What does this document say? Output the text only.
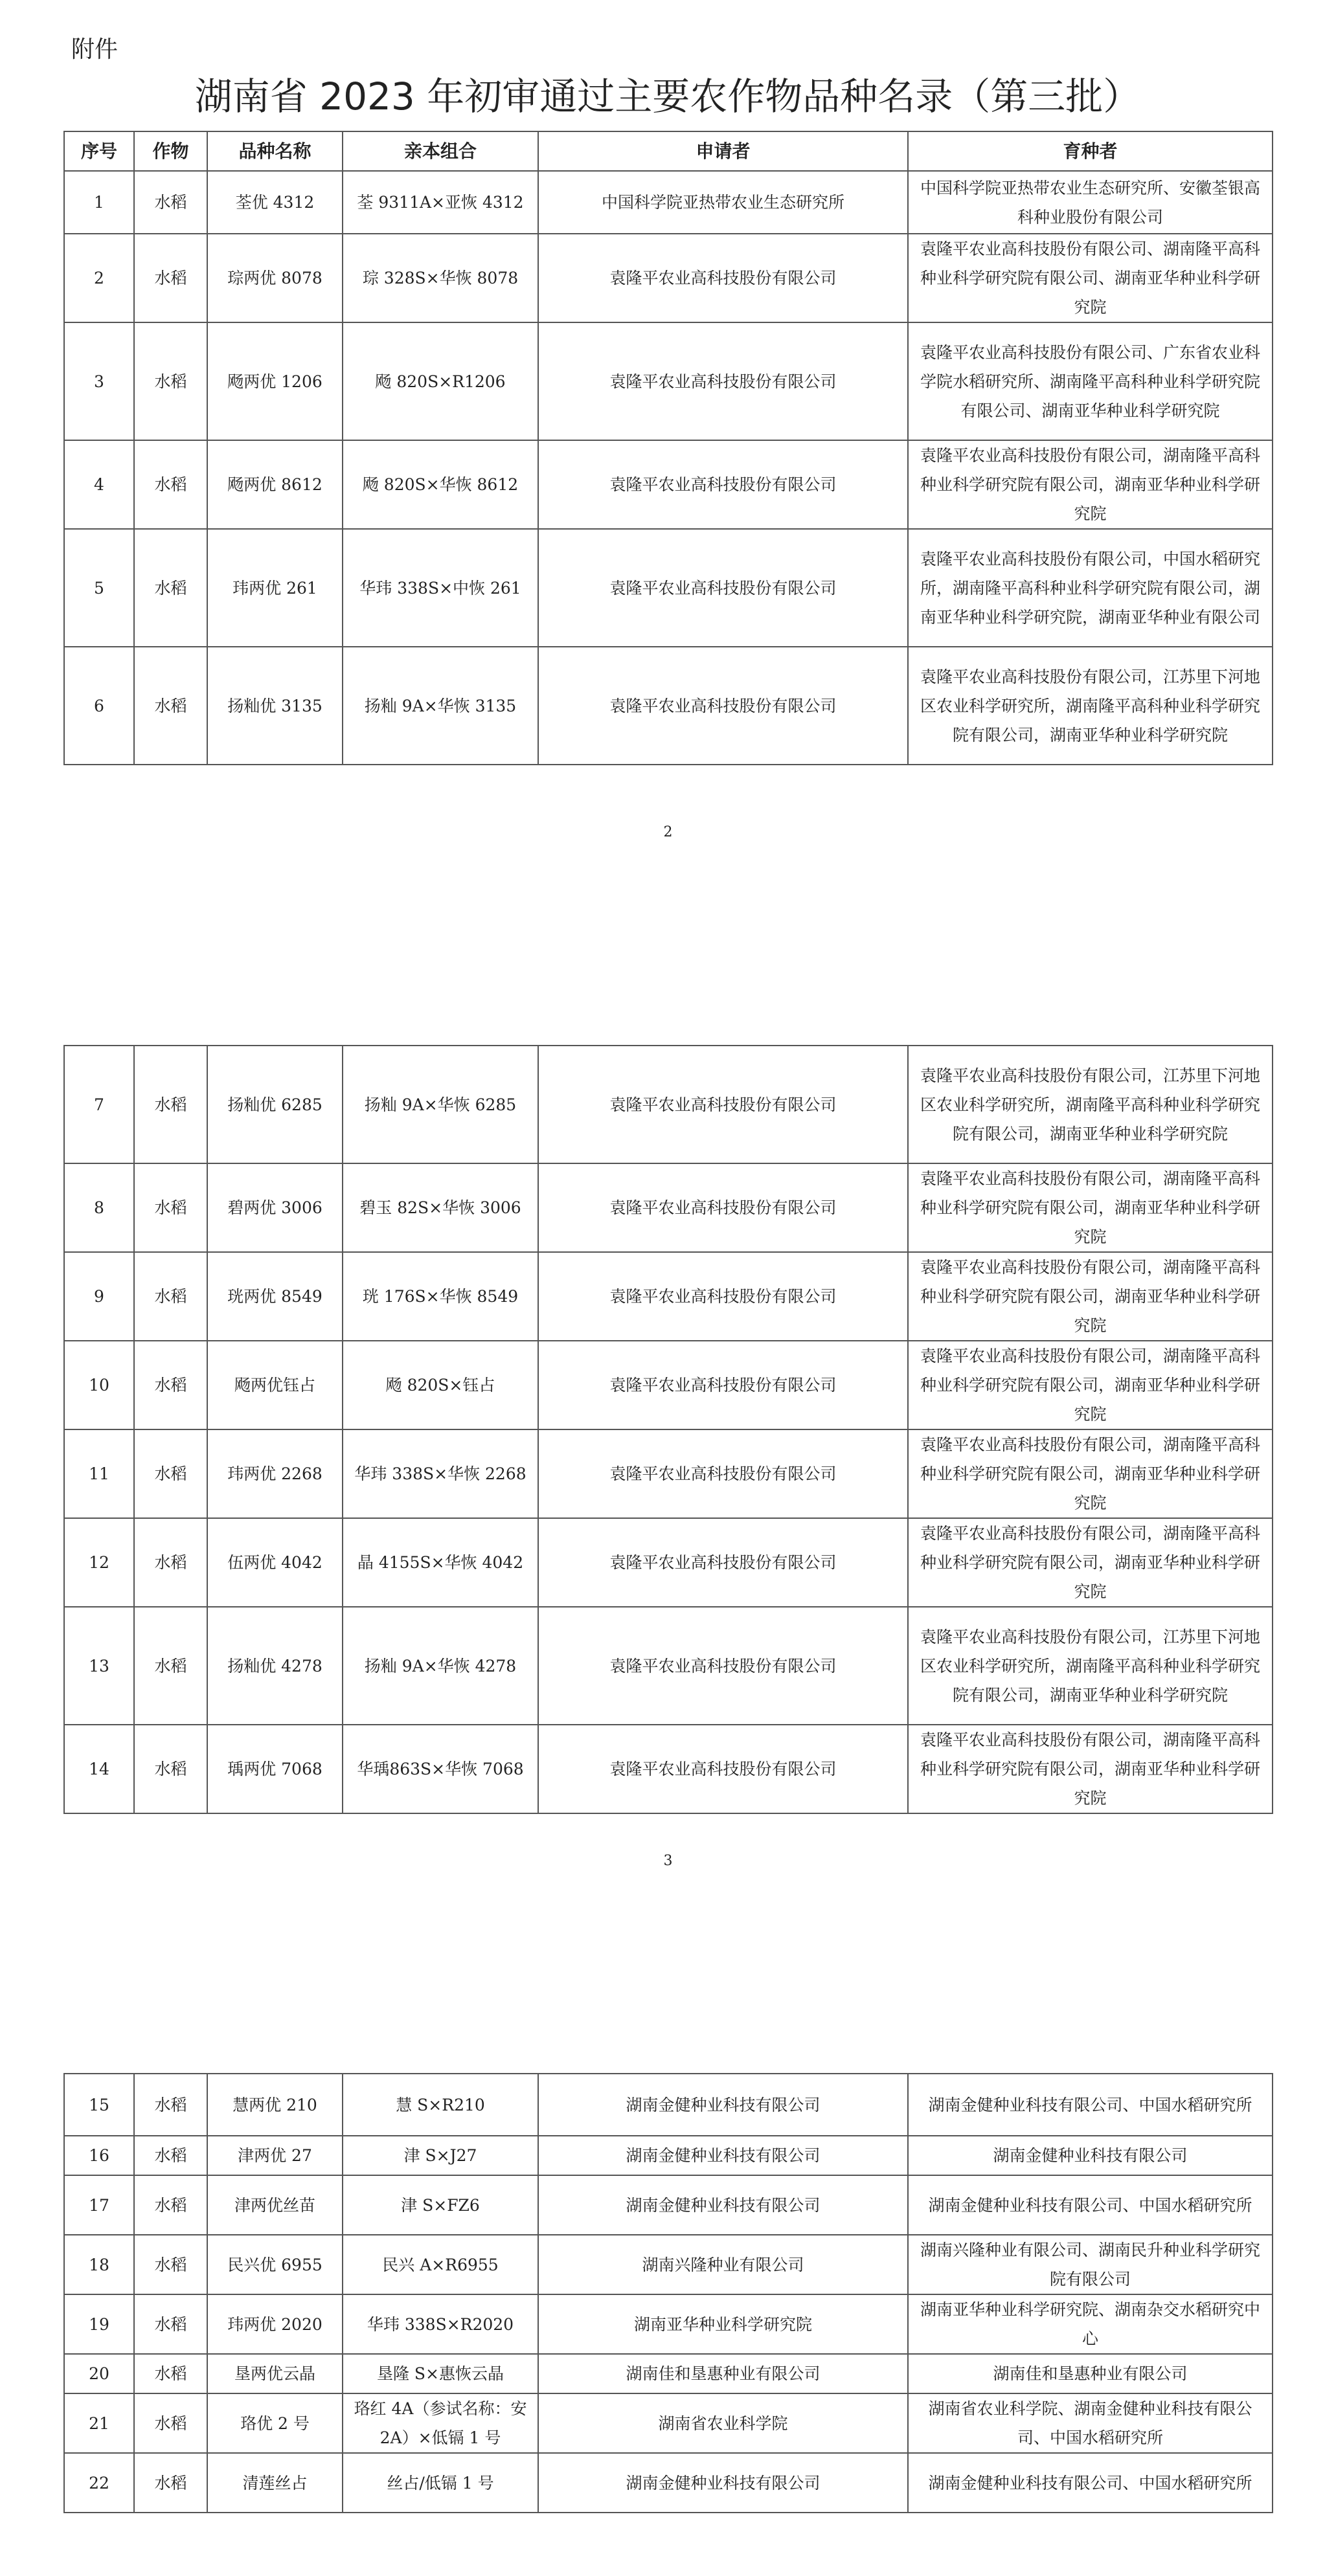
附件
湖南省 2023 年初审通过主要农作物品种名录（第三批）
序号	作物	品种名称	亲本组合	申请者	育种者
1	水稻	荃优 4312	荃 9311A×亚恢 4312	中国科学院亚热带农业生态研究所	中国科学院亚热带农业生态研究所、安徽荃银高科种业股份有限公司
2	水稻	琮两优 8078	琮 328S×华恢 8078	袁隆平农业高科技股份有限公司	袁隆平农业高科技股份有限公司、湖南隆平高科种业科学研究院有限公司、湖南亚华种业科学研究院
3	水稻	飏两优 1206	飏 820S×R1206	袁隆平农业高科技股份有限公司	袁隆平农业高科技股份有限公司、广东省农业科学院水稻研究所、湖南隆平高科种业科学研究院有限公司、湖南亚华种业科学研究院
4	水稻	飏两优 8612	飏 820S×华恢 8612	袁隆平农业高科技股份有限公司	袁隆平农业高科技股份有限公司，湖南隆平高科种业科学研究院有限公司，湖南亚华种业科学研究院
5	水稻	玮两优 261	华玮 338S×中恢 261	袁隆平农业高科技股份有限公司	袁隆平农业高科技股份有限公司，中国水稻研究所，湖南隆平高科种业科学研究院有限公司，湖南亚华种业科学研究院，湖南亚华种业有限公司
6	水稻	扬籼优 3135	扬籼 9A×华恢 3135	袁隆平农业高科技股份有限公司	袁隆平农业高科技股份有限公司，江苏里下河地区农业科学研究所，湖南隆平高科种业科学研究院有限公司，湖南亚华种业科学研究院
2
7	水稻	扬籼优 6285	扬籼 9A×华恢 6285	袁隆平农业高科技股份有限公司	袁隆平农业高科技股份有限公司，江苏里下河地区农业科学研究所，湖南隆平高科种业科学研究院有限公司，湖南亚华种业科学研究院
8	水稻	碧两优 3006	碧玉 82S×华恢 3006	袁隆平农业高科技股份有限公司	袁隆平农业高科技股份有限公司，湖南隆平高科种业科学研究院有限公司，湖南亚华种业科学研究院
9	水稻	珖两优 8549	珖 176S×华恢 8549	袁隆平农业高科技股份有限公司	袁隆平农业高科技股份有限公司，湖南隆平高科种业科学研究院有限公司，湖南亚华种业科学研究院
10	水稻	飏两优钰占	飏 820S×钰占	袁隆平农业高科技股份有限公司	袁隆平农业高科技股份有限公司，湖南隆平高科种业科学研究院有限公司，湖南亚华种业科学研究院
11	水稻	玮两优 2268	华玮 338S×华恢 2268	袁隆平农业高科技股份有限公司	袁隆平农业高科技股份有限公司，湖南隆平高科种业科学研究院有限公司，湖南亚华种业科学研究院
12	水稻	伍两优 4042	晶 4155S×华恢 4042	袁隆平农业高科技股份有限公司	袁隆平农业高科技股份有限公司，湖南隆平高科种业科学研究院有限公司，湖南亚华种业科学研究院
13	水稻	扬籼优 4278	扬籼 9A×华恢 4278	袁隆平农业高科技股份有限公司	袁隆平农业高科技股份有限公司，江苏里下河地区农业科学研究所，湖南隆平高科种业科学研究院有限公司，湖南亚华种业科学研究院
14	水稻	瑀两优 7068	华瑀863S×华恢 7068	袁隆平农业高科技股份有限公司	袁隆平农业高科技股份有限公司，湖南隆平高科种业科学研究院有限公司，湖南亚华种业科学研究院
3
15	水稻	慧两优 210	慧 S×R210	湖南金健种业科技有限公司	湖南金健种业科技有限公司、中国水稻研究所
16	水稻	津两优 27	津 S×J27	湖南金健种业科技有限公司	湖南金健种业科技有限公司
17	水稻	津两优丝苗	津 S×FZ6	湖南金健种业科技有限公司	湖南金健种业科技有限公司、中国水稻研究所
18	水稻	民兴优 6955	民兴 A×R6955	湖南兴隆种业有限公司	湖南兴隆种业有限公司、湖南民升种业科学研究院有限公司
19	水稻	玮两优 2020	华玮 338S×R2020	湖南亚华种业科学研究院	湖南亚华种业科学研究院、湖南杂交水稻研究中心
20	水稻	垦两优云晶	垦隆 S×惠恢云晶	湖南佳和垦惠种业有限公司	湖南佳和垦惠种业有限公司
21	水稻	珞优 2 号	珞红 4A（参试名称：安 2A）×低镉 1 号	湖南省农业科学院	湖南省农业科学院、湖南金健种业科技有限公司、中国水稻研究所
22	水稻	清莲丝占	丝占/低镉 1 号	湖南金健种业科技有限公司	湖南金健种业科技有限公司、中国水稻研究所
